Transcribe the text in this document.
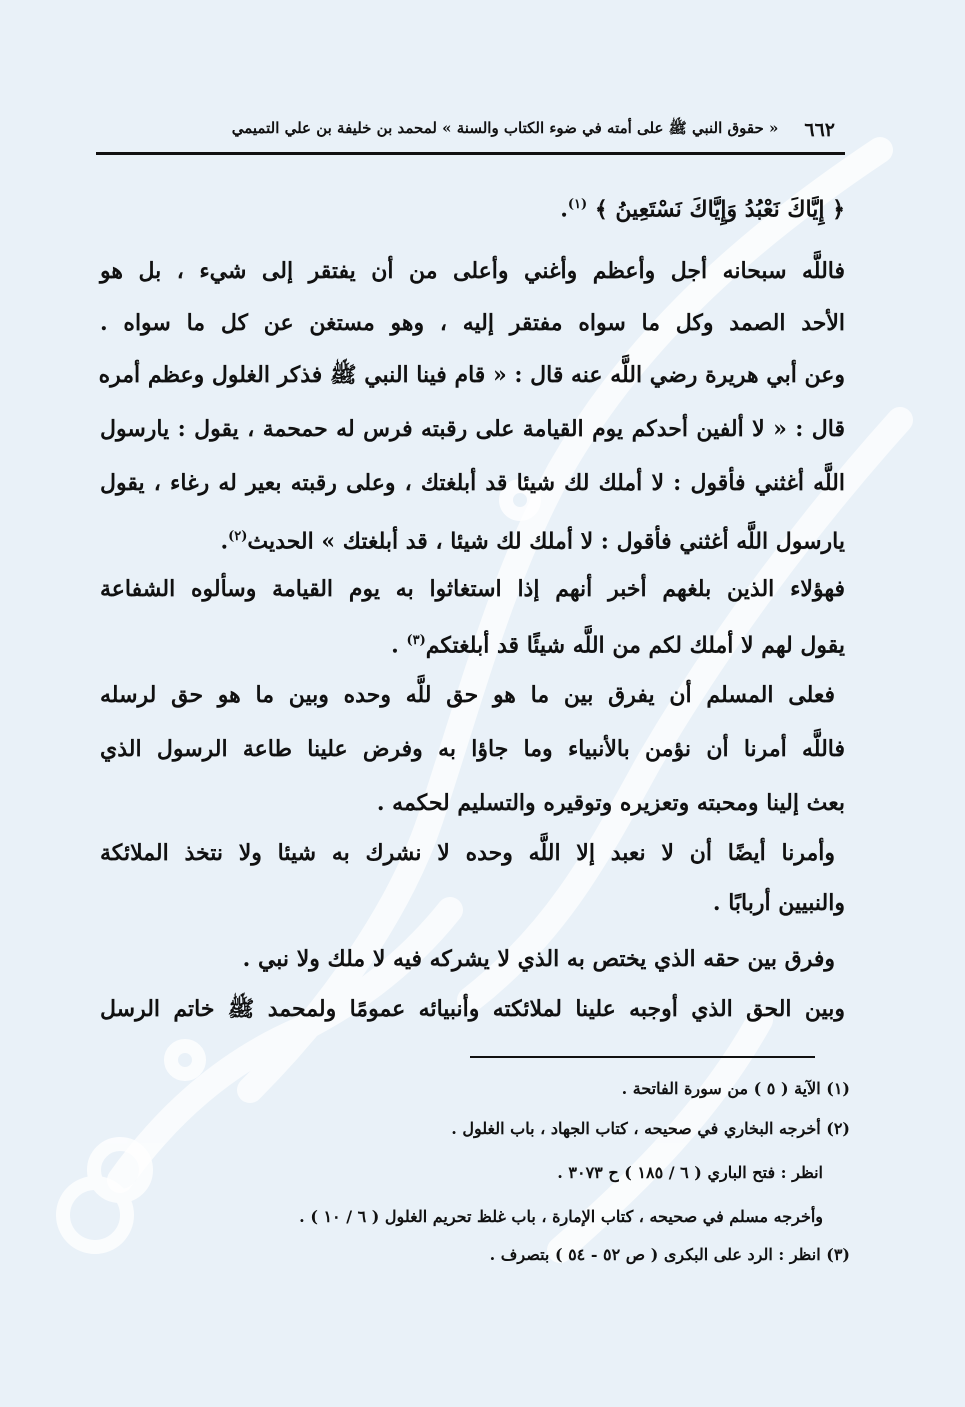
٦٦٢
« حقوق النبي ﷺ على أمته في ضوء الكتاب والسنة » لمحمد بن خليفة بن علي التميمي
﴿ إِيَّاكَ نَعْبُدُ وَإِيَّاكَ نَسْتَعِينُ ﴾ $^{(١)}$.
فاللَّه سبحانه أجل وأعظم وأغني وأعلى من أن يفتقر إلى شيء ، بل هو
الأحد الصمد وكل ما سواه مفتقر إليه ، وهو مستغن عن كل ما سواه .
وعن أبي هريرة رضي اللَّه عنه قال : « قام فينا النبي ﷺ فذكر الغلول وعظم أمره
قال : « لا ألفين أحدكم يوم القيامة على رقبته فرس له حمحمة ، يقول : يارسول
اللَّه أغثني فأقول : لا أملك لك شيئا قد أبلغتك ، وعلى رقبته بعير له رغاء ، يقول
يارسول اللَّه أغثني فأقول : لا أملك لك شيئا ، قد أبلغتك » الحديث$^{(٢)}$.
فهؤلاء الذين بلغهم أخبر أنهم إذا استغاثوا به يوم القيامة وسألوه الشفاعة
يقول لهم لا أملك لكم من اللَّه شيئًا قد أبلغتكم$^{(٣)}$ .
فعلى المسلم أن يفرق بين ما هو حق للَّه وحده وبين ما هو حق لرسله
فاللَّه أمرنا أن نؤمن بالأنبياء وما جاؤا به وفرض علينا طاعة الرسول الذي
بعث إلينا ومحبته وتعزيره وتوقيره والتسليم لحكمه .
وأمرنا أيضًا أن لا نعبد إلا اللَّه وحده لا نشرك به شيئا ولا نتخذ الملائكة
والنبيين أربابًا .
وفرق بين حقه الذي يختص به الذي لا يشركه فيه لا ملك ولا نبي .
وبين الحق الذي أوجبه علينا لملائكته وأنبيائه عمومًا ولمحمد ﷺ خاتم الرسل
(١) الآية ( ٥ ) من سورة الفاتحة .
(٢) أخرجه البخاري في صحيحه ، كتاب الجهاد ، باب الغلول .
انظر : فتح الباري ( ٦ / ١٨٥ ) ح ٣٠٧٣ .
وأخرجه مسلم في صحيحه ، كتاب الإمارة ، باب غلظ تحريم الغلول ( ٦ / ١٠ ) .
(٣) انظر : الرد على البكرى ( ص ٥٢ - ٥٤ ) بتصرف .
